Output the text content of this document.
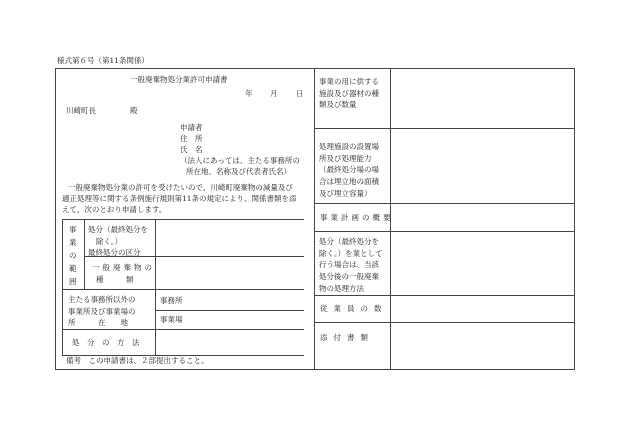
様式第６号（第11条関係）
一般廃棄物処分業許可申請書
年 月 日
川崎町長	殿
申請者
住　所
氏　名
（法人にあっては、主たる事務所の
所在地、名称及び代表者氏名）
一般廃棄物処分業の許可を受けたいので、川崎町廃棄物の減量及び
適正処理等に関する条例施行規則第11条の規定により、関係書類を添
えて、次のとおり申請します。
事
業
の
範
囲
処分（最終処分を
除く。）
最終処分の区分
一般廃棄物の
種　　　類
主たる事務所以外の
事業所及び事業場の
所　　　在　　地
事務所
事業場
処　分　の　方　法
備考　この申請書は、２部提出すること。
事業の用に供する
施設及び器材の種
類及び数量
処理施設の設置場
所及び処理能力
（最終処分場の場
合は埋立地の面積
及び埋立容量）
事業計画の概要
処分（最終処分を
除く。）を業として
行う場合は、当該
処分後の一般廃棄
物の処理方法
従業員の数
添付書類
